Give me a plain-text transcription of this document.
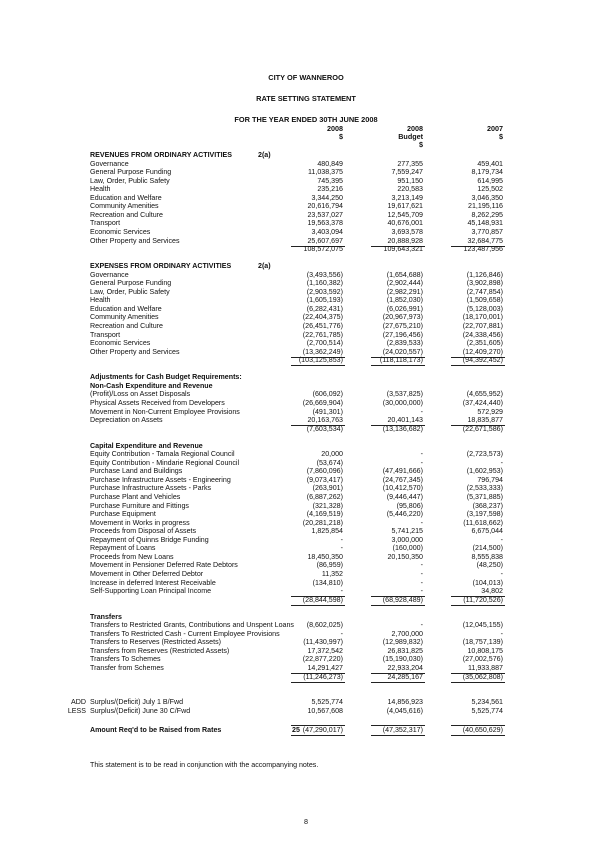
CITY OF WANNEROO
RATE SETTING STATEMENT
FOR THE YEAR ENDED 30TH JUNE 2008
2008
$
2008
Budget
$
2007
$
REVENUES FROM ORDINARY ACTIVITIES	2(a)
Governance	480,849	277,355	459,401
General Purpose Funding	11,038,375	7,559,247	8,179,734
Law, Order, Public Safety	745,395	951,150	614,995
Health	235,216	220,583	125,502
Education and Welfare	3,344,250	3,213,149	3,046,350
Community Amenities	20,616,794	19,617,621	21,195,116
Recreation and Culture	23,537,027	12,545,709	8,262,295
Transport	19,563,378	40,676,001	45,148,931
Economic Services	3,403,094	3,693,578	3,770,857
Other Property and Services	25,607,697	20,888,928	32,684,775
108,572,075	109,643,321	123,487,956
EXPENSES FROM ORDINARY ACTIVITIES	2(a)
Governance	(3,493,556)	(1,654,688)	(1,126,846)
General Purpose Funding	(1,160,382)	(2,902,444)	(3,902,898)
Law, Order, Public Safety	(2,903,592)	(2,982,291)	(2,747,854)
Health	(1,605,193)	(1,852,030)	(1,509,658)
Education and Welfare	(6,282,431)	(6,026,991)	(5,128,003)
Community Amenities	(22,404,375)	(20,967,973)	(18,170,001)
Recreation and Culture	(26,451,776)	(27,675,210)	(22,707,881)
Transport	(22,761,785)	(27,196,456)	(24,338,456)
Economic Services	(2,700,514)	(2,839,533)	(2,351,605)
Other Property and Services	(13,362,249)	(24,020,557)	(12,409,270)
(103,125,853)	(118,118,173)	(94,392,452)
Adjustments for Cash Budget Requirements:
Non-Cash Expenditure and Revenue
(Profit)/Loss on Asset Disposals	(606,092)	(3,537,825)	(4,655,952)
Physical Assets Received from Developers	(26,669,904)	(30,000,000)	(37,424,440)
Movement in Non-Current Employee Provisions	(491,301)	-	572,929
Depreciation on Assets	20,163,763	20,401,143	18,835,877
(7,603,534)	(13,136,682)	(22,671,586)
Capital Expenditure and Revenue
Equity Contribution - Tamala Regional Council	20,000	-	(2,723,573)
Equity Contribution - Mindarie Regional Council	(53,674)	-	-
Purchase Land and Buildings	(7,860,096)	(47,491,666)	(1,602,953)
Purchase Infrastructure Assets - Engineering	(9,073,417)	(24,767,345)	796,794
Purchase Infrastructure Assets - Parks	(263,901)	(10,412,570)	(2,533,333)
Purchase Plant and Vehicles	(6,887,262)	(9,446,447)	(5,371,885)
Purchase Furniture and Fittings	(321,328)	(95,806)	(368,237)
Purchase Equipment	(4,169,519)	(5,446,220)	(3,197,598)
Movement in Works in progress	(20,281,218)	-	(11,618,662)
Proceeds from Disposal of Assets	1,825,854	5,741,215	6,675,044
Repayment of Quinns Bridge Funding	-	3,000,000	-
Repayment of Loans	-	(160,000)	(214,500)
Proceeds from New Loans	18,450,350	20,150,350	8,555,838
Movement in Pensioner Deferred Rate Debtors	(86,959)	-	(48,250)
Movement in Other Deferred Debtor	11,352	-	-
Increase in deferred Interest Receivable	(134,810)	-	(104,013)
Self-Supporting Loan Principal Income	-	-	34,802
(28,844,598)	(68,928,489)	(11,720,526)
Transfers
Transfers to Restricted Grants, Contributions and Unspent Loans	(8,602,025)	-	(12,045,155)
Transfers To Restricted Cash - Current Employee Provisions	-	2,700,000	-
Transfers to Reserves (Restricted Assets)	(11,430,997)	(12,989,832)	(18,757,139)
Transfers from Reserves (Restricted Assets)	17,372,542	26,831,825	10,808,175
Transfers To Schemes	(22,877,220)	(15,190,030)	(27,002,576)
Transfer from Schemes	14,291,427	22,933,204	11,933,887
(11,246,273)	24,285,167	(35,062,808)
ADD Surplus/(Deficit) July 1 B/Fwd	5,525,774	14,856,923	5,234,561
LESS Surplus/(Deficit) June 30 C/Fwd	10,567,608	(4,045,616)	5,525,774
Amount Req'd to be Raised from Rates	25 (47,290,017)	(47,352,317)	(40,650,629)
This statement is to be read in conjunction with the accompanying notes.
8
